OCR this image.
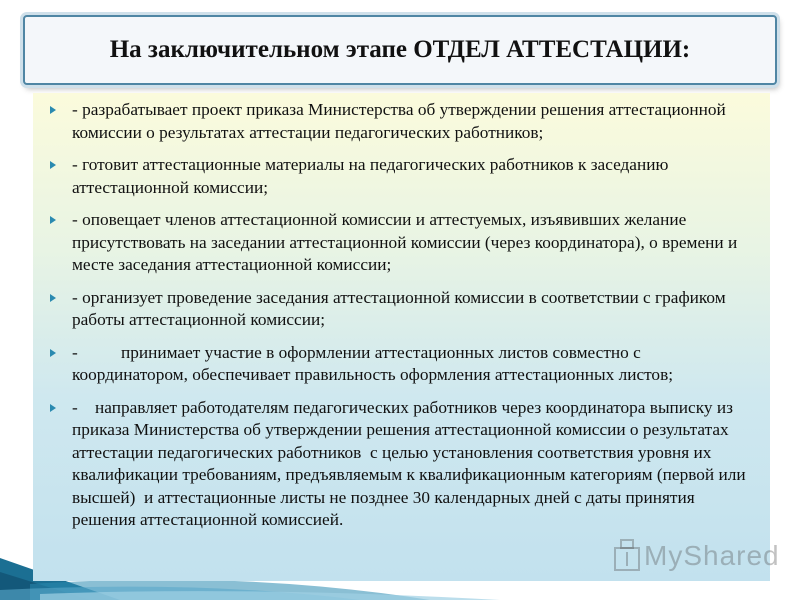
На заключительном этапе ОТДЕЛ АТТЕСТАЦИИ:
- разрабатывает проект приказа Министерства об утверждении решения аттестационной комиссии о результатах аттестации педагогических работников;
- готовит аттестационные материалы на педагогических работников к заседанию аттестационной комиссии;
- оповещает членов аттестационной комиссии и аттестуемых, изъявивших желание присутствовать на заседании аттестационной комиссии (через координатора), о времени и месте заседания аттестационной комиссии;
- организует проведение заседания аттестационной комиссии в соответствии с графиком работы аттестационной комиссии;
-          принимает участие в оформлении аттестационных листов совместно с координатором, обеспечивает правильность оформления аттестационных листов;
-    направляет работодателям педагогических работников через координатора выписку из приказа Министерства об утверждении решения аттестационной комиссии о результатах аттестации педагогических работников  с целью установления соответствия уровня их квалификации требованиям, предъявляемым к квалификационным категориям (первой или высшей)  и аттестационные листы не позднее 30 календарных дней с даты принятия решения аттестационной комиссией.
MyShared
